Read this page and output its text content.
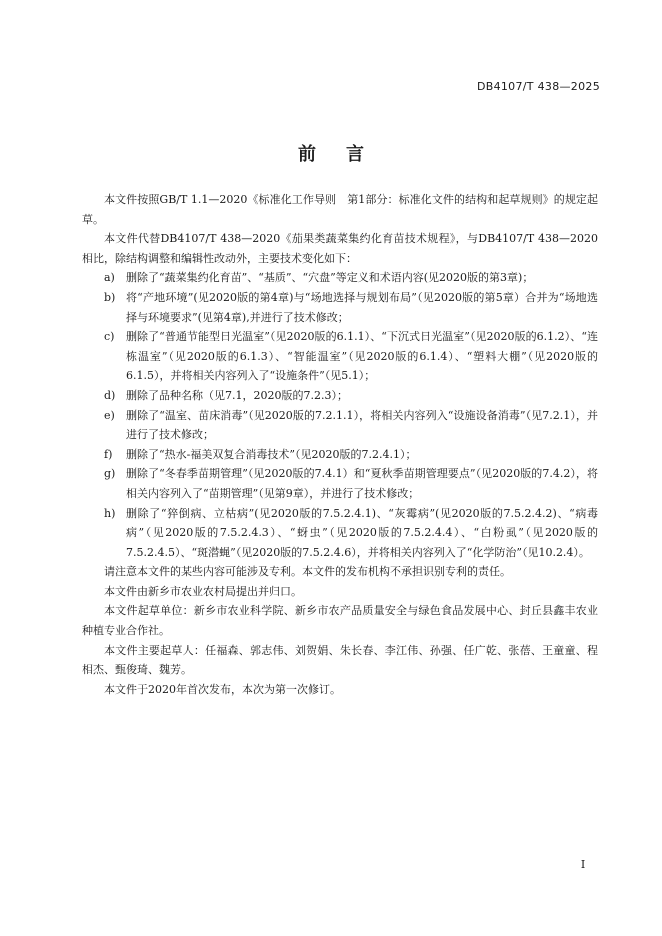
DB4107/T 438—2025
前言

本文件按照GB/T 1.1—2020《标准化工作导则　第1部分：标准化文件的结构和起草规则》的规定起草。

本文件代替DB4107/T 438—2020《茄果类蔬菜集约化育苗技术规程》，与DB4107/T 438—2020相比，除结构调整和编辑性改动外，主要技术变化如下：

a)	删除了“蔬菜集约化育苗”、“基质”、“穴盘”等定义和术语内容(见2020版的第3章)；
b) 将“产地环境”(见2020版的第4章)与“场地选择与规划布局”（见2020版的第5章）合并为“场地选择与环境要求”(见第4章),并进行了技术修改；
c)	删除了“普通节能型日光温室”（见2020版的6.1.1）、“下沉式日光温室”（见2020版的6.1.2）、“连栋温室”（见2020版的6.1.3）、“智能温室”（见2020版的6.1.4）、“塑料大棚”（见2020版的6.1.5），并将相关内容列入了“设施条件”（见5.1）；
d) 删除了品种名称（见7.1，2020版的7.2.3）；
e)	删除了“温室、苗床消毒”（见2020版的7.2.1.1），将相关内容列入“设施设备消毒”（见7.2.1），并进行了技术修改；
f)	删除了“热水-福美双复合消毒技术”（见2020版的7.2.4.1）；
g) 删除了“冬春季苗期管理”（见2020版的7.4.1）和“夏秋季苗期管理要点”（见2020版的7.4.2），将相关内容列入了“苗期管理”（见第9章），并进行了技术修改；
h) 删除了“猝倒病、立枯病”(见2020版的7.5.2.4.1)、“灰霉病”(见2020版的7.5.2.4.2)、“病毒病”（见2020版的7.5.2.4.3）、“蚜虫”（见2020版的7.5.2.4.4）、“白粉虱”（见2020版的7.5.2.4.5）、“斑潜蝇”（见2020版的7.5.2.4.6），并将相关内容列入了“化学防治”（见10.2.4）。

请注意本文件的某些内容可能涉及专利。本文件的发布机构不承担识别专利的责任。

本文件由新乡市农业农村局提出并归口。

本文件起草单位：新乡市农业科学院、新乡市农产品质量安全与绿色食品发展中心、封丘县鑫丰农业种植专业合作社。

本文件主要起草人：任福森、郭志伟、刘贺娟、朱长春、李江伟、孙强、任广乾、张蓓、王童童、程相杰、甄俊琦、魏芳。

本文件于2020年首次发布，本次为第一次修订。

I
